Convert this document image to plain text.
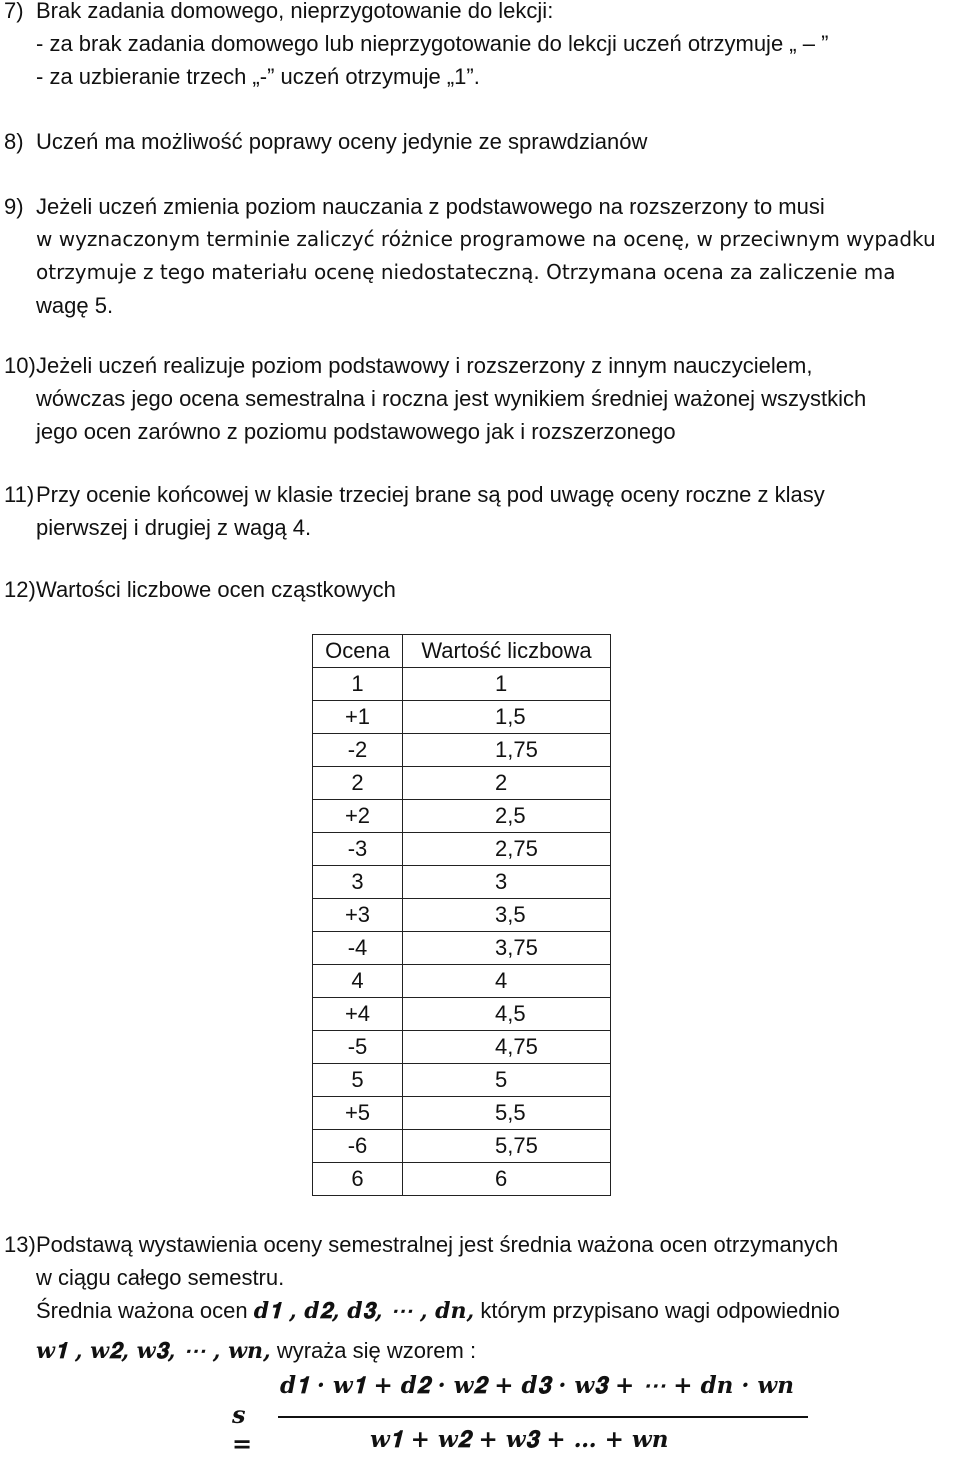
7) Brak zadania domowego, nieprzygotowanie do lekcji:
- za brak zadania domowego lub nieprzygotowanie do lekcji uczeń otrzymuje „ – ”
- za uzbieranie trzech „-” uczeń otrzymuje „1”.
8) Uczeń ma możliwość poprawy oceny jedynie ze sprawdzianów
9) Jeżeli uczeń zmienia poziom nauczania z podstawowego na rozszerzony to musi
w wyznaczonym terminie zaliczyć różnice programowe na ocenę, w przeciwnym wypadku
otrzymuje z tego materiału ocenę niedostateczną. Otrzymana ocena za zaliczenie ma
wagę 5.
10) Jeżeli uczeń realizuje poziom podstawowy i rozszerzony z innym nauczycielem,
wówczas jego ocena semestralna i roczna jest wynikiem średniej ważonej wszystkich
jego ocen zarówno z poziomu podstawowego jak i rozszerzonego
11) Przy ocenie końcowej w klasie trzeciej brane są pod uwagę oceny roczne z klasy
pierwszej i drugiej z wagą 4.
12) Wartości liczbowe ocen cząstkowych
Ocena	Wartość liczbowa
1	1
+1	1,5
-2	1,75
2	2
+2	2,5
-3	2,75
3	3
+3	3,5
-4	3,75
4	4
+4	4,5
-5	4,75
5	5
+5	5,5
-6	5,75
6	6
13) Podstawą wystawienia oceny semestralnej jest średnia ważona ocen otrzymanych
w ciągu całego semestru.
Średnia ważona ocen 𝒅𝟏 , 𝒅𝟐, 𝒅𝟑, ⋯ , 𝒅𝒏, którym przypisano wagi odpowiednio
𝒘𝟏 , 𝒘𝟐, 𝒘𝟑, ⋯ , 𝒘𝒏, wyraża się wzorem :
𝒔 =
𝒅𝟏 · 𝒘𝟏 + 𝒅𝟐 · 𝒘𝟐 + 𝒅𝟑 · 𝒘𝟑 + ⋯ + 𝒅𝒏 · 𝒘𝒏
𝒘𝟏 + 𝒘𝟐 + 𝒘𝟑 + … + 𝒘𝒏
